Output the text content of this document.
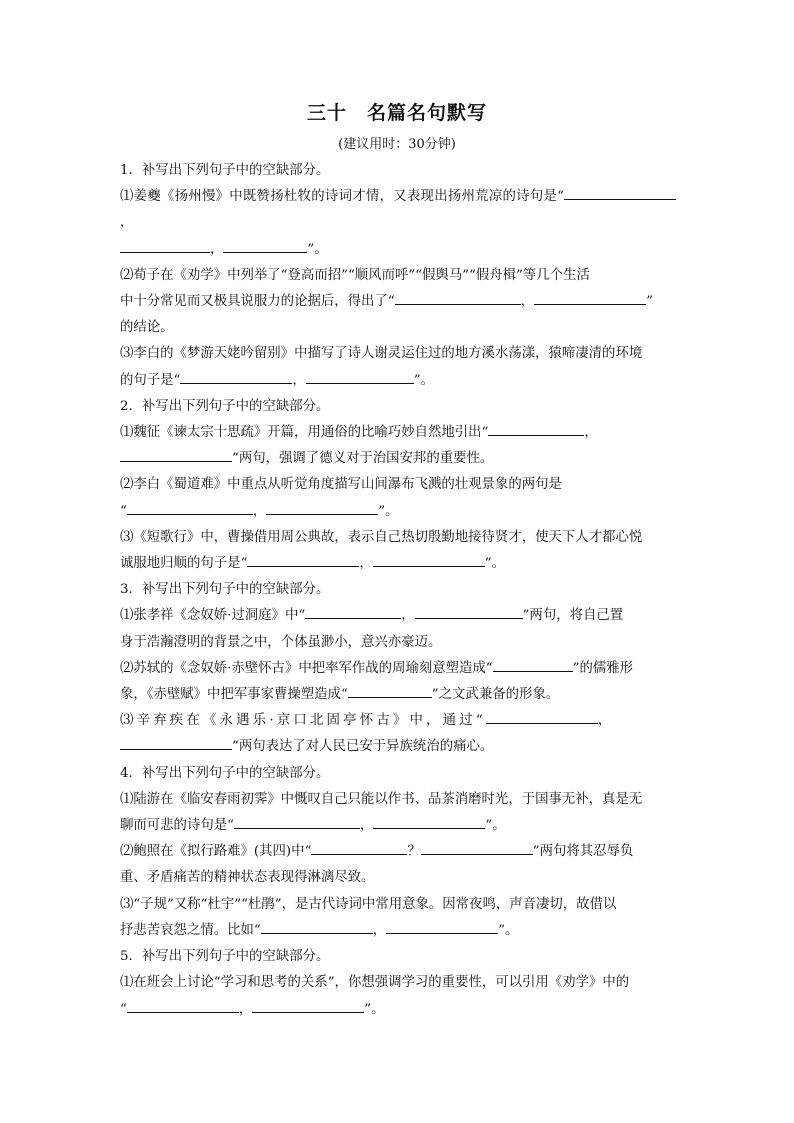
三十　名篇名句默写
(建议用时：30分钟)

1．补写出下列句子中的空缺部分。

⑴姜夔《扬州慢》中既赞扬杜牧的诗词才情，又表现出扬州荒凉的诗句是“，

，	”。

⑵荀子在《劝学》中列举了“登高而招”“顺风而呼”“假舆马”“假舟楫”等几个生活

中十分常见而又极具说服力的论据后，得出了“	，	”

的结论。

⑶李白的《梦游天姥吟留别》中描写了诗人谢灵运住过的地方溪水荡漾，猿啼凄清的环境

的句子是“	，	”。

2．补写出下列句子中的空缺部分。

⑴魏征《谏太宗十思疏》开篇，用通俗的比喻巧妙自然地引出“	，

”两句，强调了德义对于治国安邦的重要性。

⑵李白《蜀道难》中重点从听觉角度描写山间瀑布飞溅的壮观景象的两句是

“	，	”。

⑶《短歌行》中，曹操借用周公典故，表示自己热切殷勤地接待贤才，使天下人才都心悦

诚服地归顺的句子是“	，	”。

3．补写出下列句子中的空缺部分。

⑴张孝祥《念奴娇·过洞庭》中“	，	”两句，将自己置

身于浩瀚澄明的背景之中，个体虽渺小，意兴亦豪迈。

⑵苏轼的《念奴娇·赤壁怀古》中把率军作战的周瑜刻意塑造成“	”的儒雅形

象，《赤壁赋》中把军事家曹操塑造成“	”之文武兼备的形象。

⑶辛弃疾在《永遇乐·京口北固亭怀古》中，通过“	，

”两句表达了对人民已安于异族统治的痛心。

4．补写出下列句子中的空缺部分。

⑴陆游在《临安春雨初霁》中慨叹自己只能以作书、品茶消磨时光，于国事无补，真是无

聊而可悲的诗句是“	，	”。

⑵鲍照在《拟行路难》(其四)中“	？	”两句将其忍辱负

重、矛盾痛苦的精神状态表现得淋漓尽致。

⑶“子规”又称“杜宇”“杜鹃”，是古代诗词中常用意象。因常夜鸣，声音凄切，故借以

抒悲苦哀怨之情。比如“	，	”。

5．补写出下列句子中的空缺部分。

⑴在班会上讨论“学习和思考的关系”，你想强调学习的重要性，可以引用《劝学》中的

“	，	”。
